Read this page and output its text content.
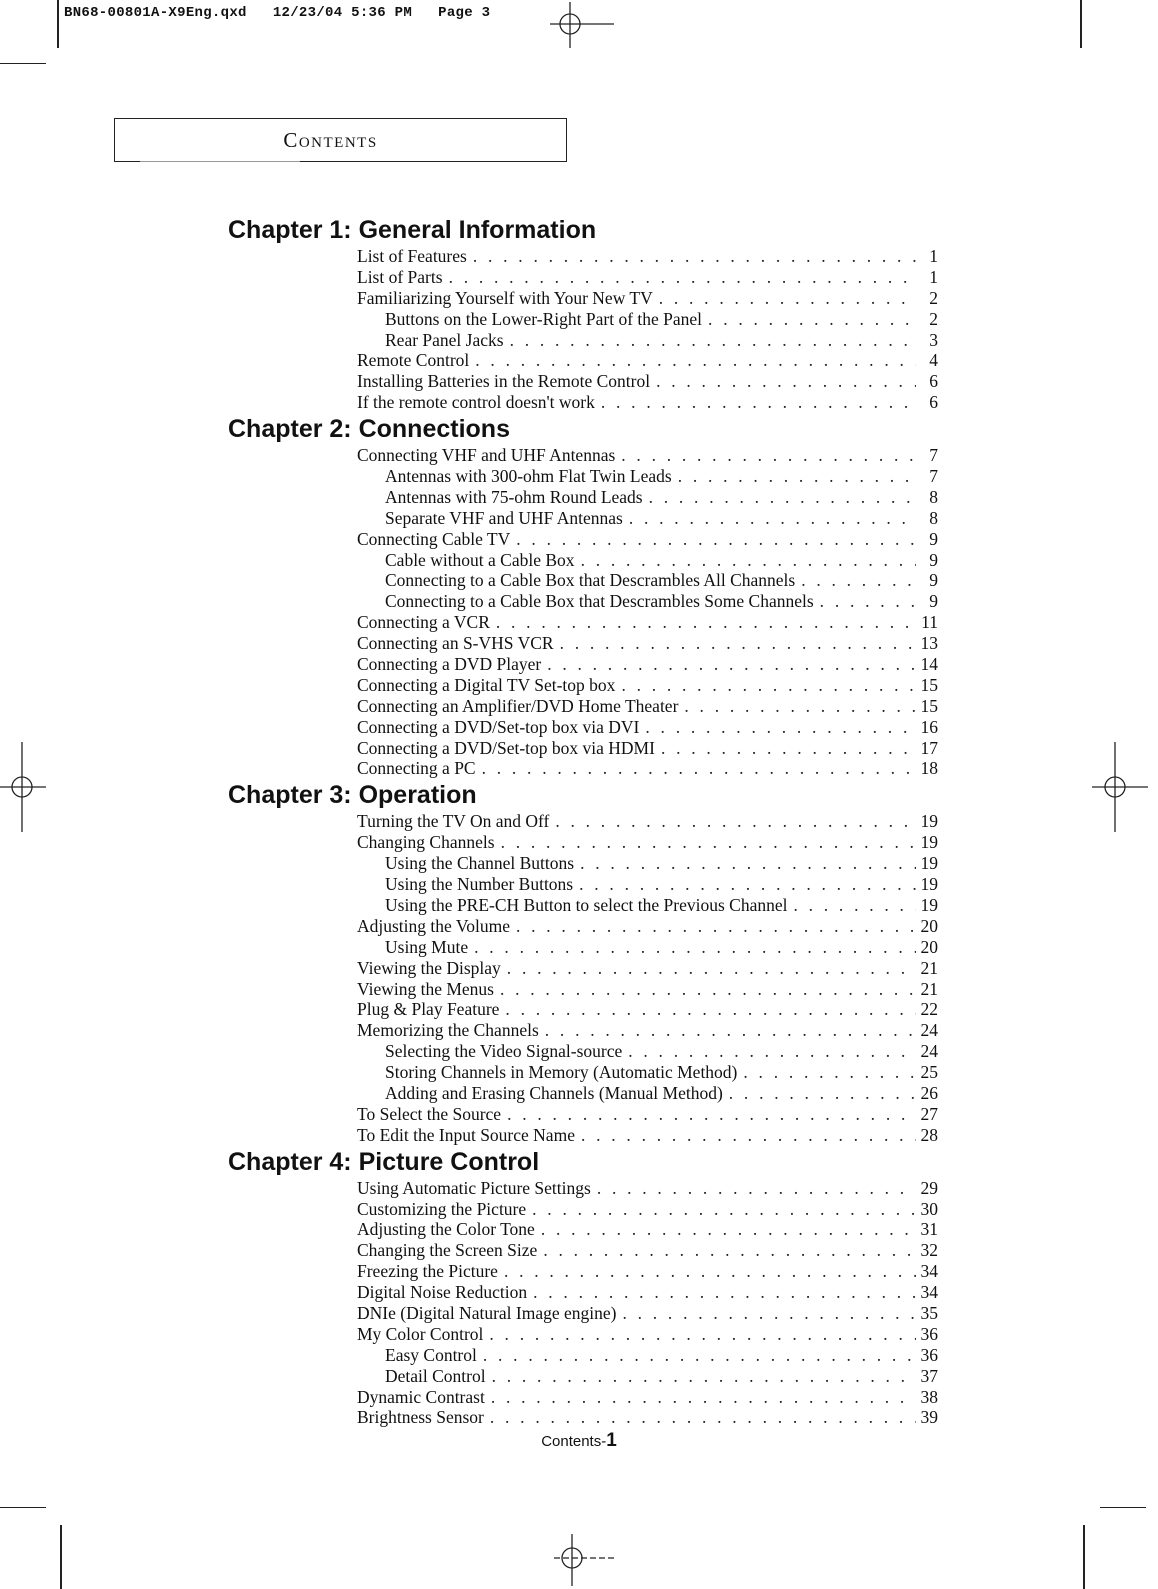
BN68-00801A-X9Eng.qxd   12/23/04 5:36 PM   Page 3
Contents
Chapter 1: General Information
List of Features . . .	1
List of Parts . . .	1
Familiarizing Yourself with Your New TV . . .	2
Buttons on the Lower-Right Part of the Panel . . .	2
Rear Panel Jacks . . .	3
Remote Control . . .	4
Installing Batteries in the Remote Control . . .	6
If the remote control doesn't work . . .	6
Chapter 2: Connections
Connecting VHF and UHF Antennas . . .	7
Antennas with 300-ohm Flat Twin Leads . . .	7
Antennas with 75-ohm Round Leads . . .	8
Separate VHF and UHF Antennas . . .	8
Connecting Cable TV . . .	9
Cable without a Cable Box . . .	9
Connecting to a Cable Box that Descrambles All Channels . . .	9
Connecting to a Cable Box that Descrambles Some Channels . . .	9
Connecting a VCR . . .	11
Connecting an S-VHS VCR . . .	13
Connecting a DVD Player . . .	14
Connecting a Digital TV Set-top box . . .	15
Connecting an Amplifier/DVD Home Theater . . .	15
Connecting a DVD/Set-top box via DVI . . .	16
Connecting a DVD/Set-top box via HDMI . . .	17
Connecting a PC . . .	18
Chapter 3: Operation
Turning the TV On and Off . . .	19
Changing Channels . . .	19
Using the Channel Buttons . . .	19
Using the Number Buttons . . .	19
Using the PRE-CH Button to select the Previous Channel . . .	19
Adjusting the Volume . . .	20
Using Mute . . .	20
Viewing the Display . . .	21
Viewing the Menus . . .	21
Plug & Play Feature . . .	22
Memorizing the Channels . . .	24
Selecting the Video Signal-source . . .	24
Storing Channels in Memory (Automatic Method) . . .	25
Adding and Erasing Channels (Manual Method) . . .	26
To Select the Source . . .	27
To Edit the Input Source Name . . .	28
Chapter 4: Picture Control
Using Automatic Picture Settings . . .	29
Customizing the Picture . . .	30
Adjusting the Color Tone . . .	31
Changing the Screen Size . . .	32
Freezing the Picture . . .	34
Digital Noise Reduction . . .	34
DNIe (Digital Natural Image engine) . . .	35
My Color Control . . .	36
Easy Control . . .	36
Detail Control . . .	37
Dynamic Contrast . . .	38
Brightness Sensor . . .	39
Contents-1
